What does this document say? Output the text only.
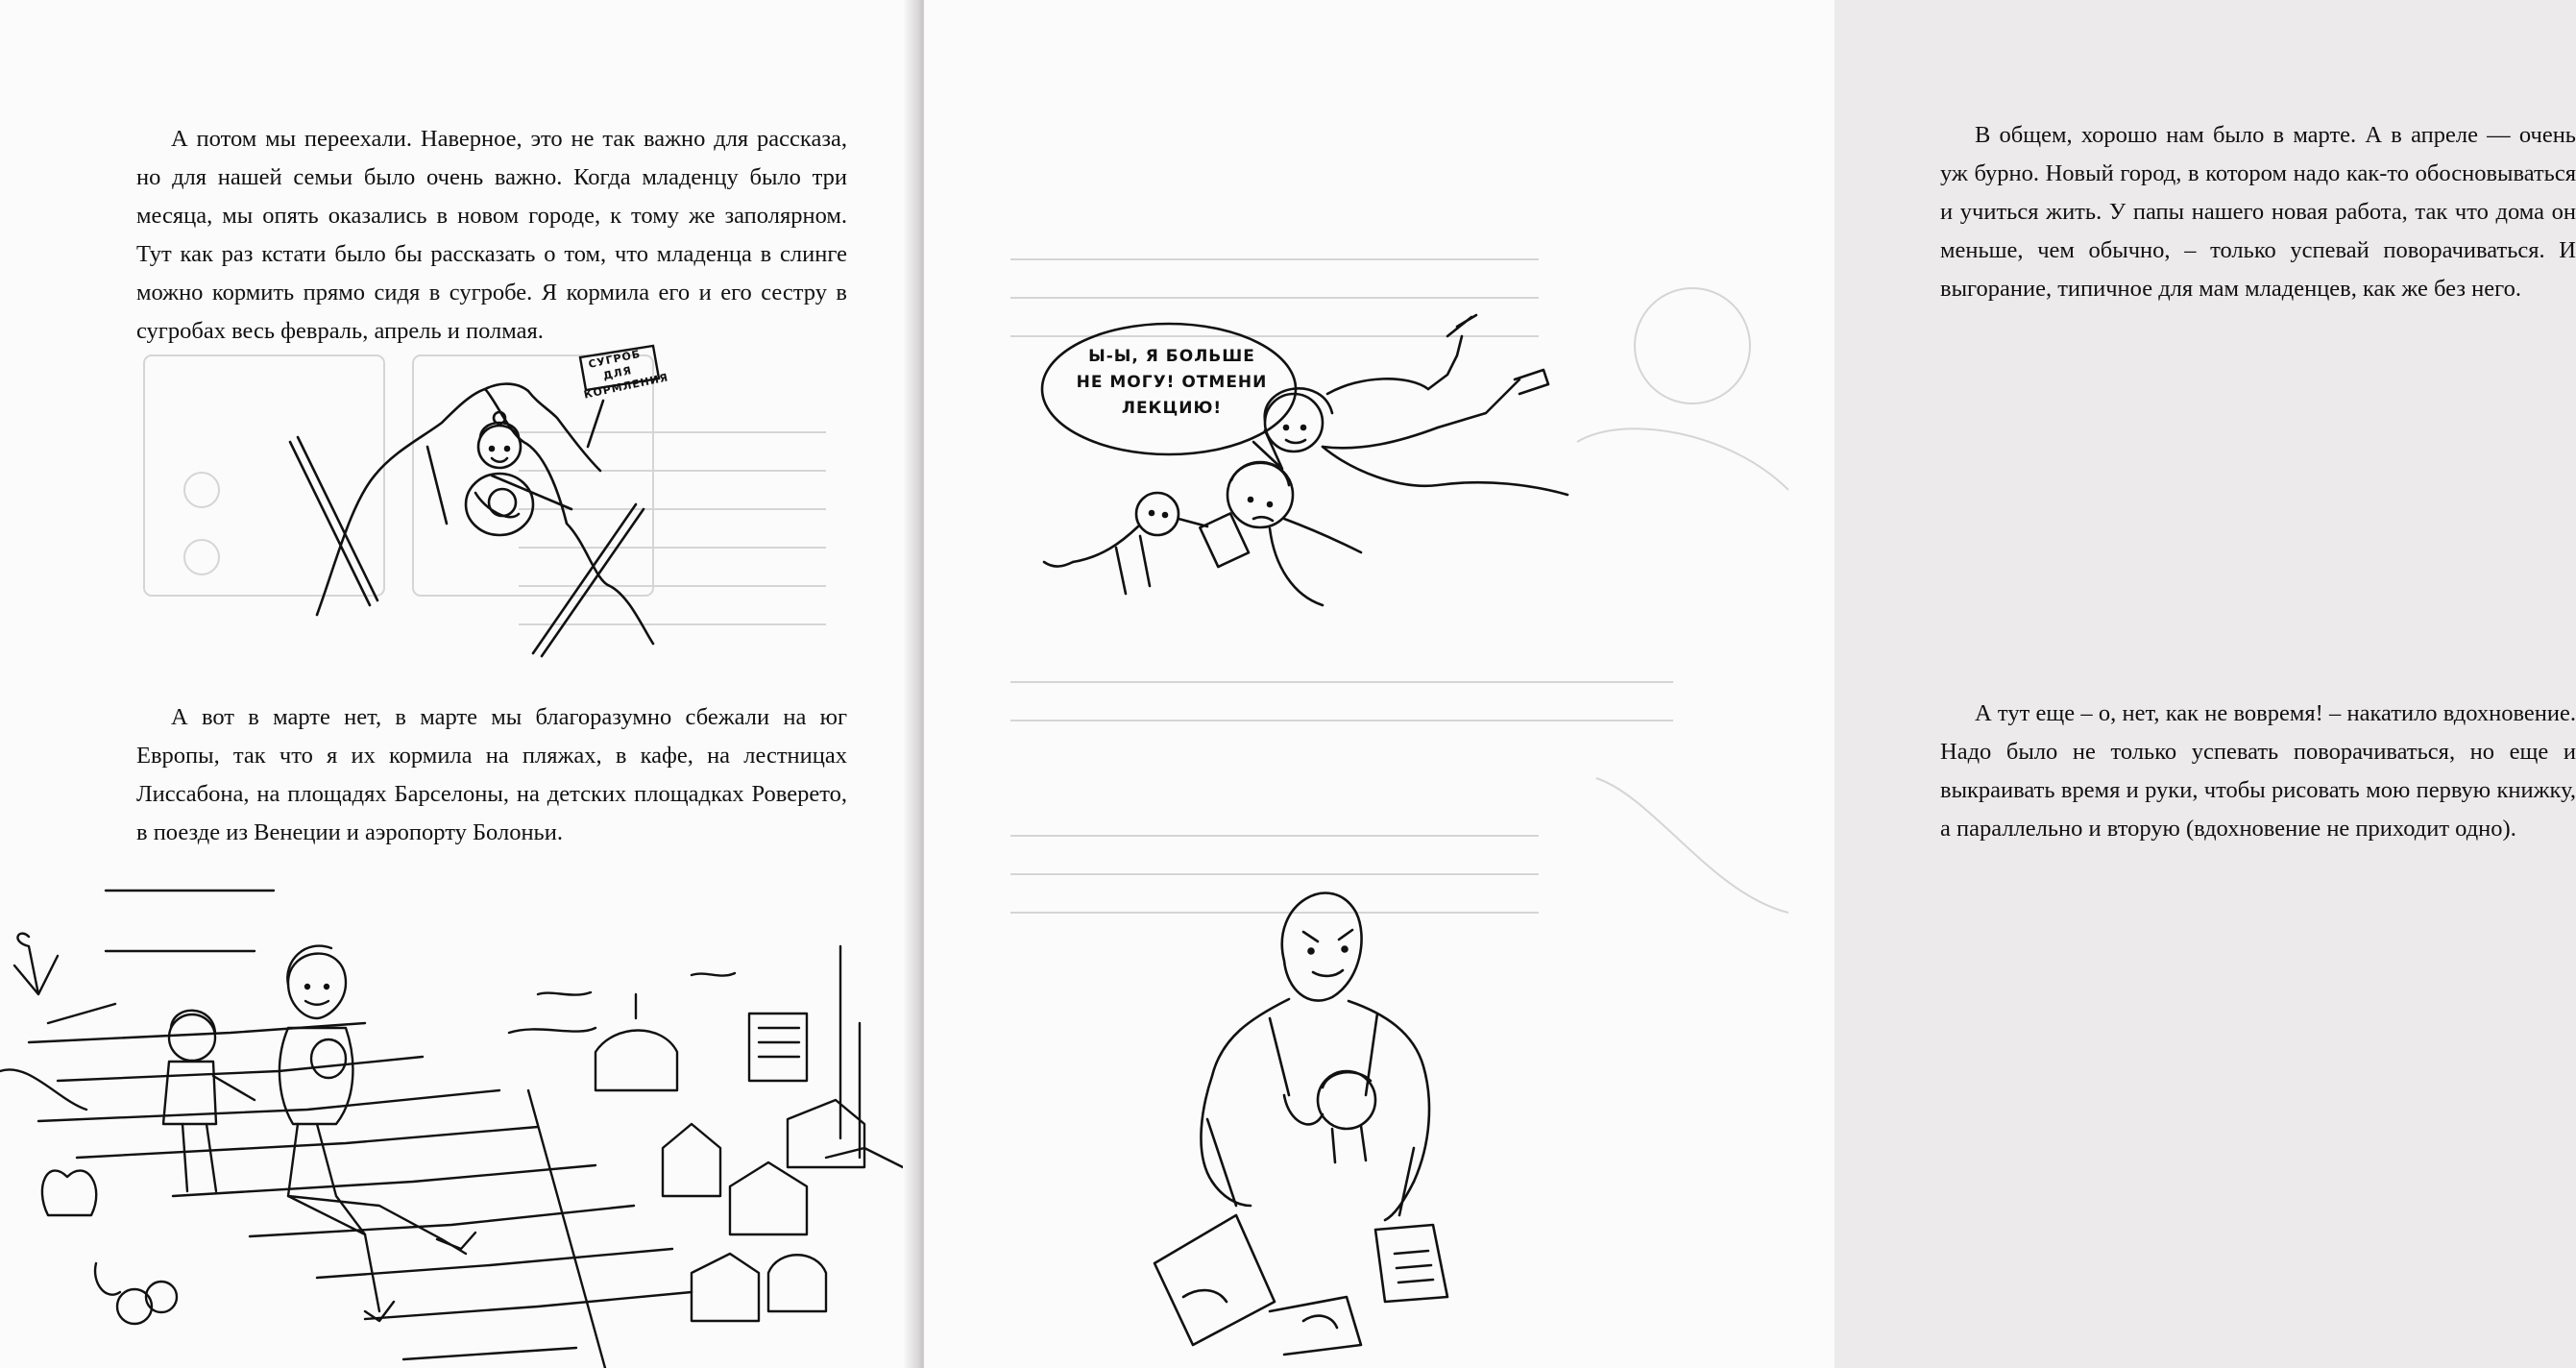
А потом мы переехали. Наверное, это не так важно для рассказа, но для нашей семьи было очень важно. Когда младенцу было три месяца, мы опять оказались в новом городе, к тому же заполярном. Тут как раз кстати было бы рассказать о том, что младенца в слинге можно кормить прямо сидя в сугробе. Я кормила его и его сестру в сугробах весь февраль, апрель и полмая.

СУГРОБ ДЛЯ КОРМЛЕНИЯ

А вот в марте нет, в марте мы благоразумно сбежали на юг Европы, так что я их кормила на пляжах, в кафе, на лестницах Лиссабона, на площадях Барселоны, на детских площадках Роверето, в поезде из Венеции и аэропорту Болоньи.

В общем, хорошо нам было в марте. А в апреле — очень уж бурно. Новый город, в котором надо как-то обосновываться и учиться жить. У папы нашего новая работа, так что дома он меньше, чем обычно, – только успевай поворачиваться. И выгорание, типичное для мам младенцев, как же без него.

Ы-Ы, Я БОЛЬШЕ
НЕ МОГУ! ОТМЕНИ
ЛЕКЦИЮ!

А тут еще – о, нет, как не вовремя! – накатило вдохновение. Надо было не только успевать поворачиваться, но еще и выкраивать время и руки, чтобы рисовать мою первую книжку, а параллельно и вторую (вдохновение не приходит одно).
